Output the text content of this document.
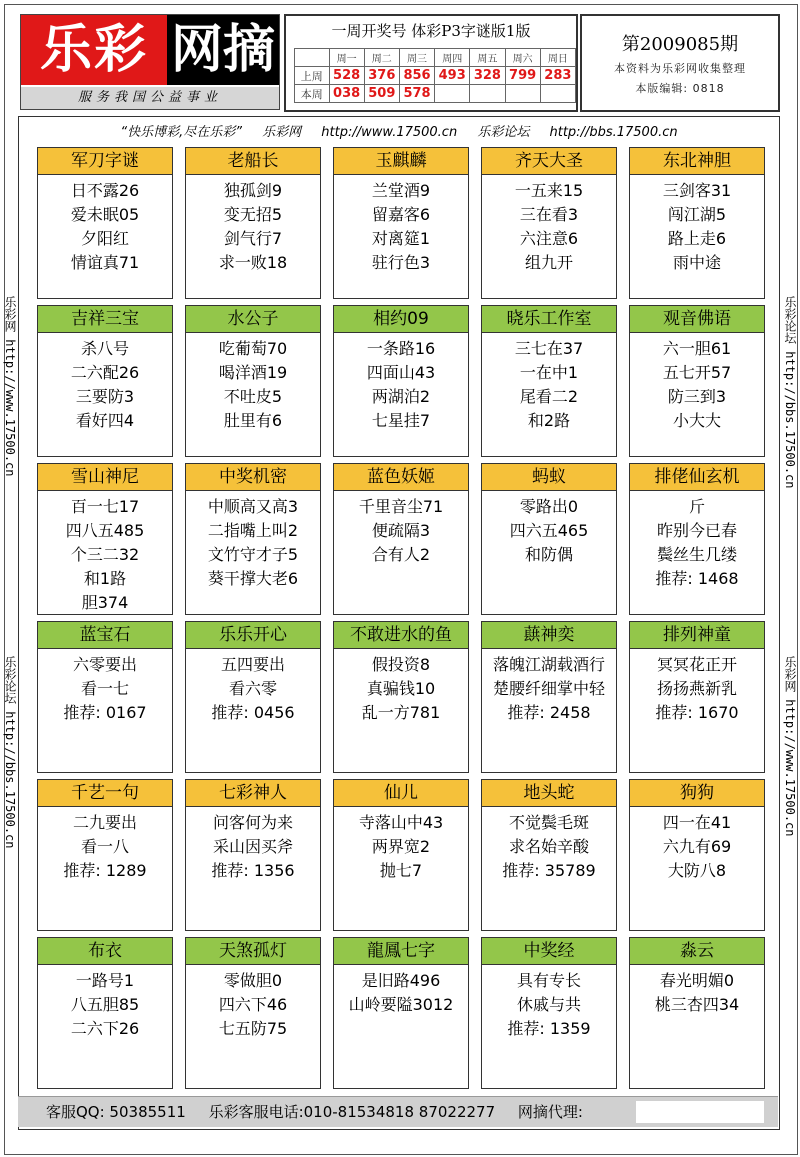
乐彩 网摘
服务我国公益事业
一周开奖号 体彩P3字谜版1版
	周一	周二	周三	周四	周五	周六	周日
上周	528	376	856	493	328	799	283
本周	038	509	578				
第2009085期
本资料为乐彩网收集整理
本版编辑: 0818
乐彩网 http://www.17500.cn
乐彩论坛 http://bbs.17500.cn
乐彩论坛 http://bbs.17500.cn
乐彩网 http://www.17500.cn
“快乐博彩,尽在乐彩” 乐彩网 http://www.17500.cn 乐彩论坛 http://bbs.17500.cn
军刀字谜
日不露26
爱未眠05
夕阳红
情谊真71
老船长
独孤剑9
变无招5
剑气行7
求一败18
玉麒麟
兰堂酒9
留嘉客6
对离筵1
驻行色3
齐天大圣
一五来15
三在看3
六注意6
组九开
东北神胆
三剑客31
闯江湖5
路上走6
雨中途
吉祥三宝
杀八号
二六配26
三要防3
看好四4
水公子
吃葡萄70
喝洋酒19
不吐皮5
肚里有6
相约09
一条路16
四面山43
两湖泊2
七星挂7
晓乐工作室
三七在37
一在中1
尾看二2
和2路
观音佛语
六一胆61
五七开57
防三到3
小大大
雪山神尼
百一七17
四八五485
个三二32
和1路
胆374
中奖机密
中顺高又高3
二指嘴上叫2
文竹守才子5
葵干撑大老6
蓝色妖姬
千里音尘71
便疏隔3
合有人2
蚂蚁
零路出0
四六五465
和防偶
排佬仙玄机
斤
昨别今已春
鬓丝生几缕
推荐: 1468
蓝宝石
六零要出
看一七
推荐: 0167
乐乐开心
五四要出
看六零
推荐: 0456
不敢进水的鱼
假投资8
真骗钱10
乱一方781
蕻神奕
落魄江湖载酒行
楚腰纤细掌中轻
推荐: 2458
排列神童
冥冥花正开
扬扬燕新乳
推荐: 1670
千艺一句
二九要出
看一八
推荐: 1289
七彩神人
问客何为来
采山因买斧
推荐: 1356
仙儿
寺落山中43
两界宽2
抛七7
地头蛇
不觉鬓毛斑
求名始辛酸
推荐: 35789
狗狗
四一在41
六九有69
大防八8
布衣
一路号1
八五胆85
二六下26
天煞孤灯
零做胆0
四六下46
七五防75
龍鳳七字
是旧路496
山岭要隘3012
中奖经
具有专长
休戚与共
推荐: 1359
淼云
春光明媚0
桃三杏四34
客服QQ: 50385511 乐彩客服电话:010-81534818 87022277 网摘代理:
